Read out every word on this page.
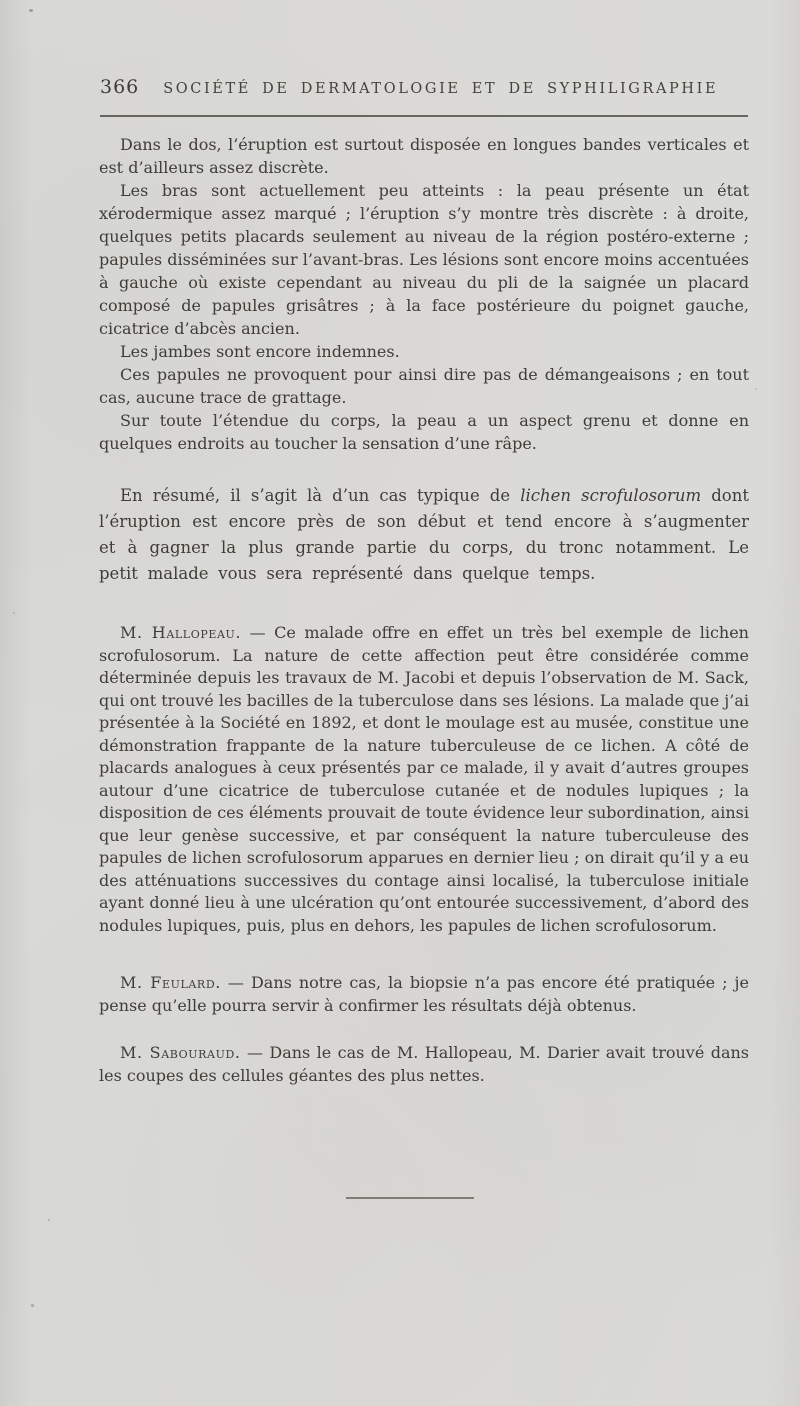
366 SOCIÉTÉ DE DERMATOLOGIE ET DE SYPHILIGRAPHIE

Dans le dos, l’éruption est surtout disposée en longues bandes verticales et est d’ailleurs assez discrète.

Les bras sont actuellement peu atteints : la peau présente un état xérodermique assez marqué ; l’éruption s’y montre très discrète : à droite, quelques petits placards seulement au niveau de la région postéro-externe ; papules disséminées sur l’avant-bras. Les lésions sont encore moins accentuées à gauche où existe cependant au niveau du pli de la saignée un placard composé de papules grisâtres ; à la face postérieure du poignet gauche, cicatrice d’abcès ancien.

Les jambes sont encore indemnes.

Ces papules ne provoquent pour ainsi dire pas de démangeaisons ; en tout cas, aucune trace de grattage.

Sur toute l’étendue du corps, la peau a un aspect grenu et donne en quelques endroits au toucher la sensation d’une râpe.

En résumé, il s’agit là d’un cas typique de lichen scrofulosorum dont l’éruption est encore près de son début et tend encore à s’augmenter et à gagner la plus grande partie du corps, du tronc notamment. Le petit malade vous sera représenté dans quelque temps.

M. Hallopeau. — Ce malade offre en effet un très bel exemple de lichen scrofulosorum. La nature de cette affection peut être considérée comme déterminée depuis les travaux de M. Jacobi et depuis l’observation de M. Sack, qui ont trouvé les bacilles de la tuberculose dans ses lésions. La malade que j’ai présentée à la Société en 1892, et dont le moulage est au musée, constitue une démonstration frappante de la nature tuberculeuse de ce lichen. A côté de placards analogues à ceux présentés par ce malade, il y avait d’autres groupes autour d’une cicatrice de tuberculose cutanée et de nodules lupiques ; la disposition de ces éléments prouvait de toute évidence leur subordination, ainsi que leur genèse successive, et par conséquent la nature tuberculeuse des papules de lichen scrofulosorum apparues en dernier lieu ; on dirait qu’il y a eu des atténuations successives du contage ainsi localisé, la tuberculose initiale ayant donné lieu à une ulcération qu’ont entourée successivement, d’abord des nodules lupiques, puis, plus en dehors, les papules de lichen scrofulosorum.

M. Feulard. — Dans notre cas, la biopsie n’a pas encore été pratiquée ; je pense qu’elle pourra servir à confirmer les résultats déjà obtenus.

M. Sabouraud. — Dans le cas de M. Hallopeau, M. Darier avait trouvé dans les coupes des cellules géantes des plus nettes.
